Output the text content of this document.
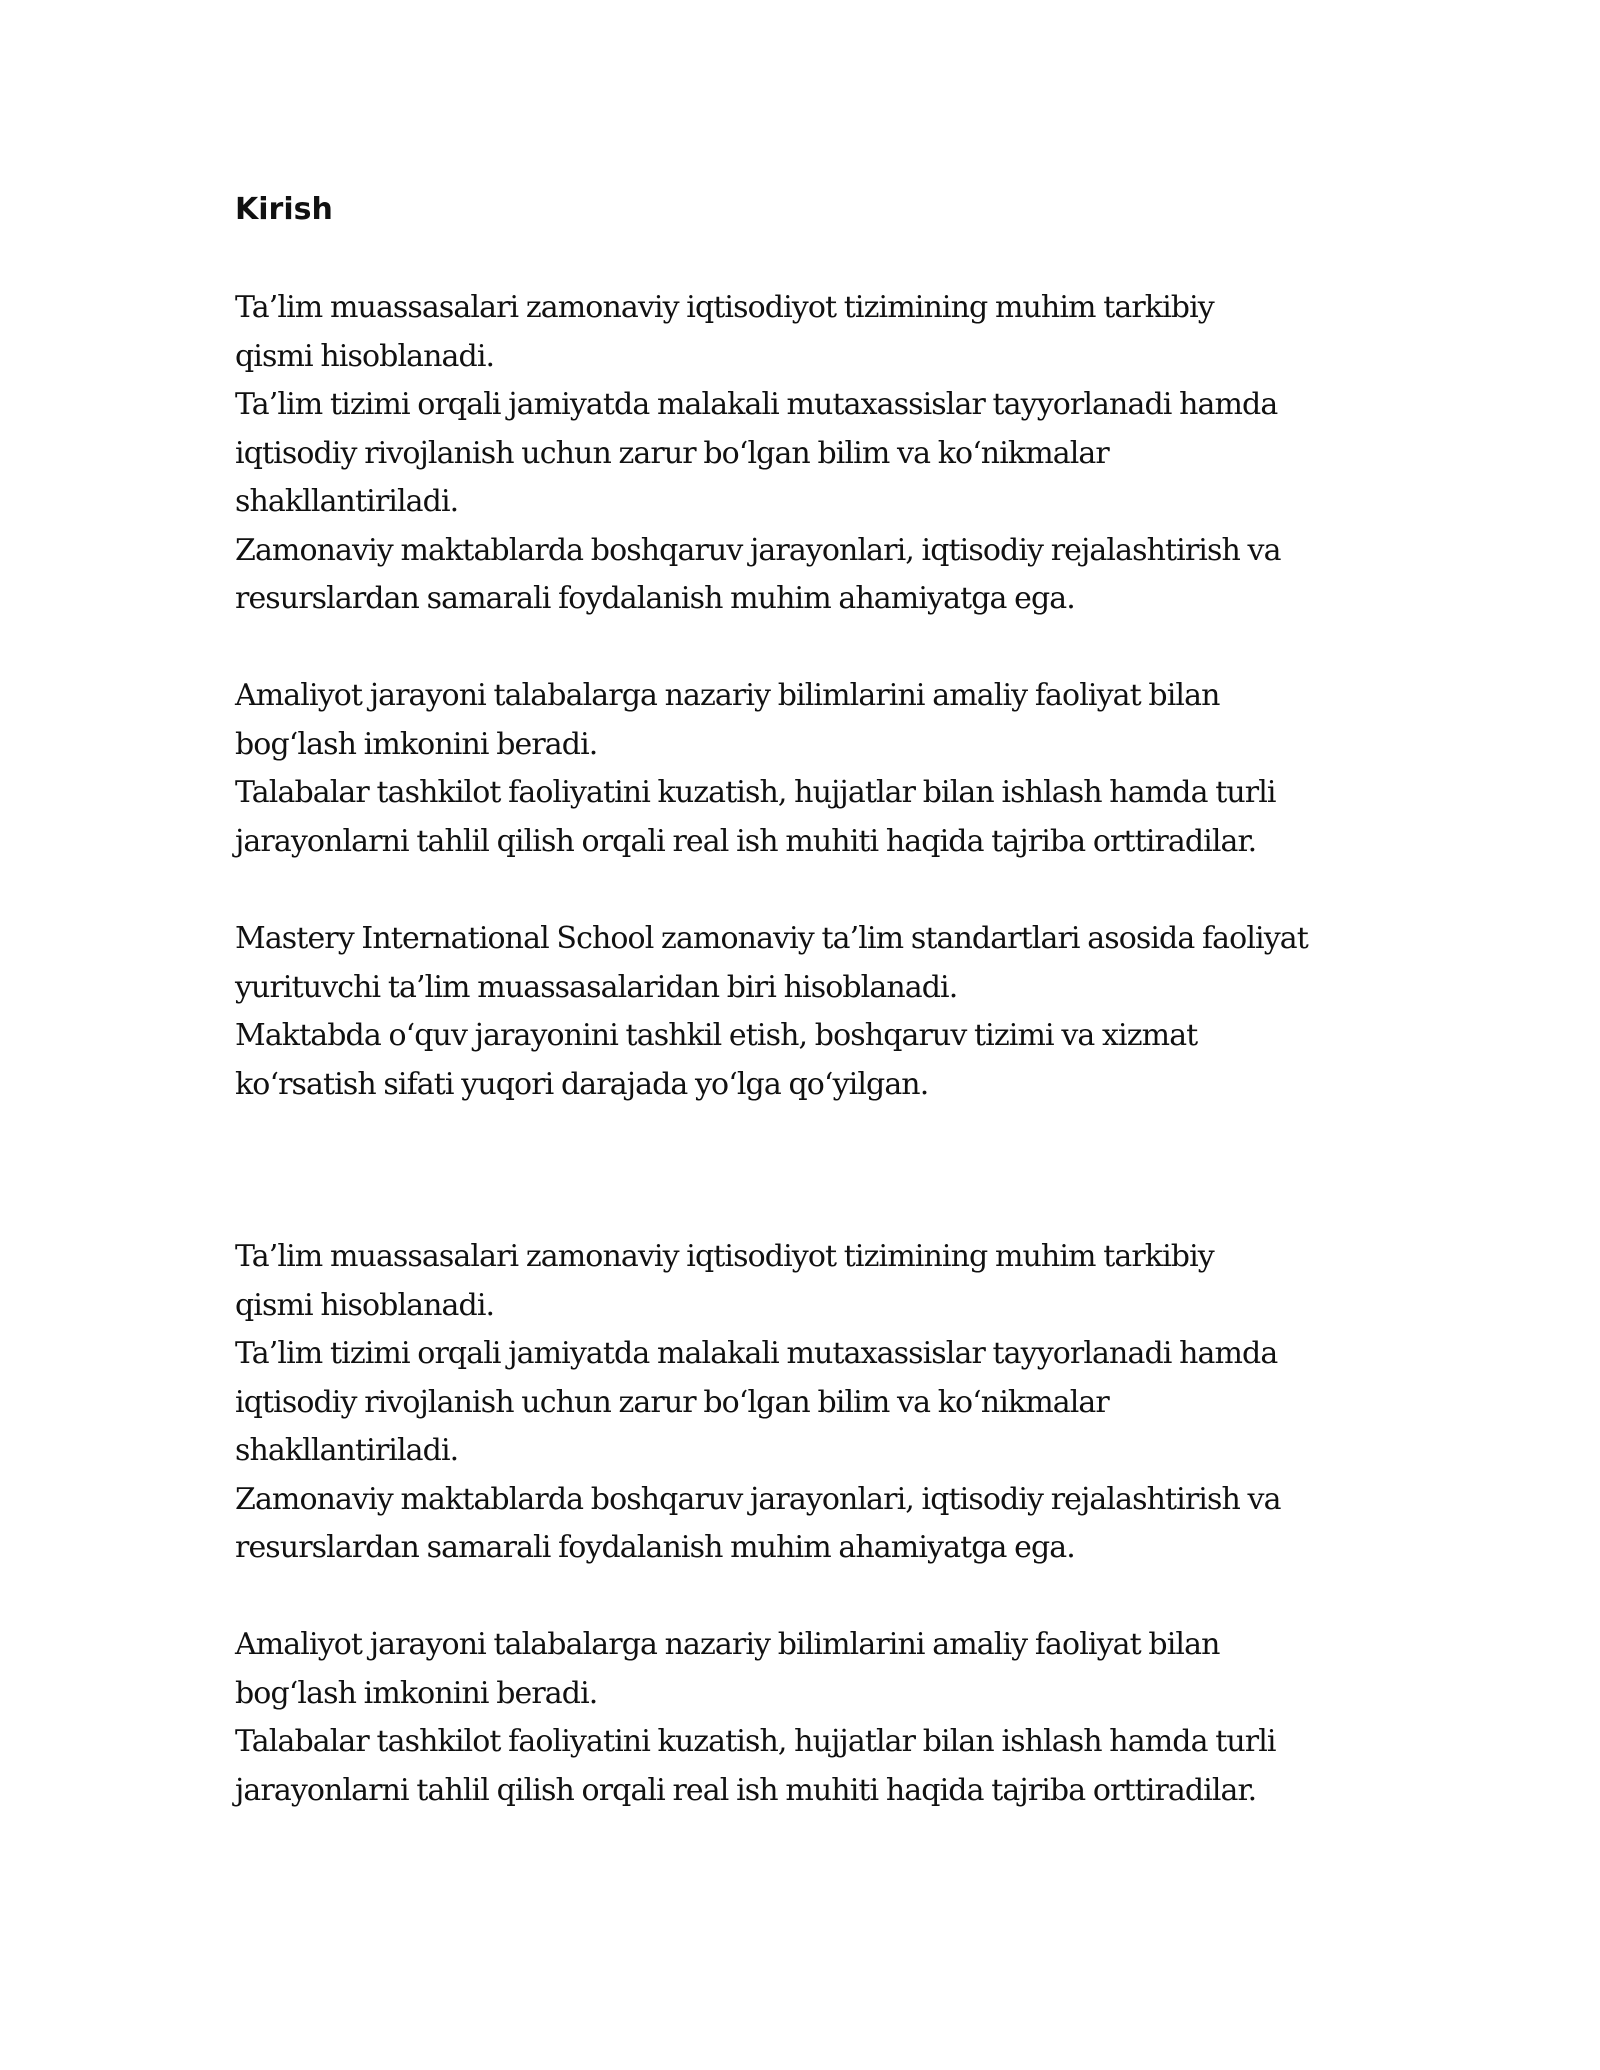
Kirish
Ta’lim muassasalari zamonaviy iqtisodiyot tizimining muhim tarkibiy
qismi hisoblanadi.
Ta’lim tizimi orqali jamiyatda malakali mutaxassislar tayyorlanadi hamda
iqtisodiy rivojlanish uchun zarur bo‘lgan bilim va ko‘nikmalar
shakllantiriladi.
Zamonaviy maktablarda boshqaruv jarayonlari, iqtisodiy rejalashtirish va
resurslardan samarali foydalanish muhim ahamiyatga ega.
Amaliyot jarayoni talabalarga nazariy bilimlarini amaliy faoliyat bilan
bog‘lash imkonini beradi.
Talabalar tashkilot faoliyatini kuzatish, hujjatlar bilan ishlash hamda turli
jarayonlarni tahlil qilish orqali real ish muhiti haqida tajriba orttiradilar.
Mastery International School zamonaviy ta’lim standartlari asosida faoliyat
yurituvchi ta’lim muassasalaridan biri hisoblanadi.
Maktabda o‘quv jarayonini tashkil etish, boshqaruv tizimi va xizmat
ko‘rsatish sifati yuqori darajada yo‘lga qo‘yilgan.
Ta’lim muassasalari zamonaviy iqtisodiyot tizimining muhim tarkibiy
qismi hisoblanadi.
Ta’lim tizimi orqali jamiyatda malakali mutaxassislar tayyorlanadi hamda
iqtisodiy rivojlanish uchun zarur bo‘lgan bilim va ko‘nikmalar
shakllantiriladi.
Zamonaviy maktablarda boshqaruv jarayonlari, iqtisodiy rejalashtirish va
resurslardan samarali foydalanish muhim ahamiyatga ega.
Amaliyot jarayoni talabalarga nazariy bilimlarini amaliy faoliyat bilan
bog‘lash imkonini beradi.
Talabalar tashkilot faoliyatini kuzatish, hujjatlar bilan ishlash hamda turli
jarayonlarni tahlil qilish orqali real ish muhiti haqida tajriba orttiradilar.
